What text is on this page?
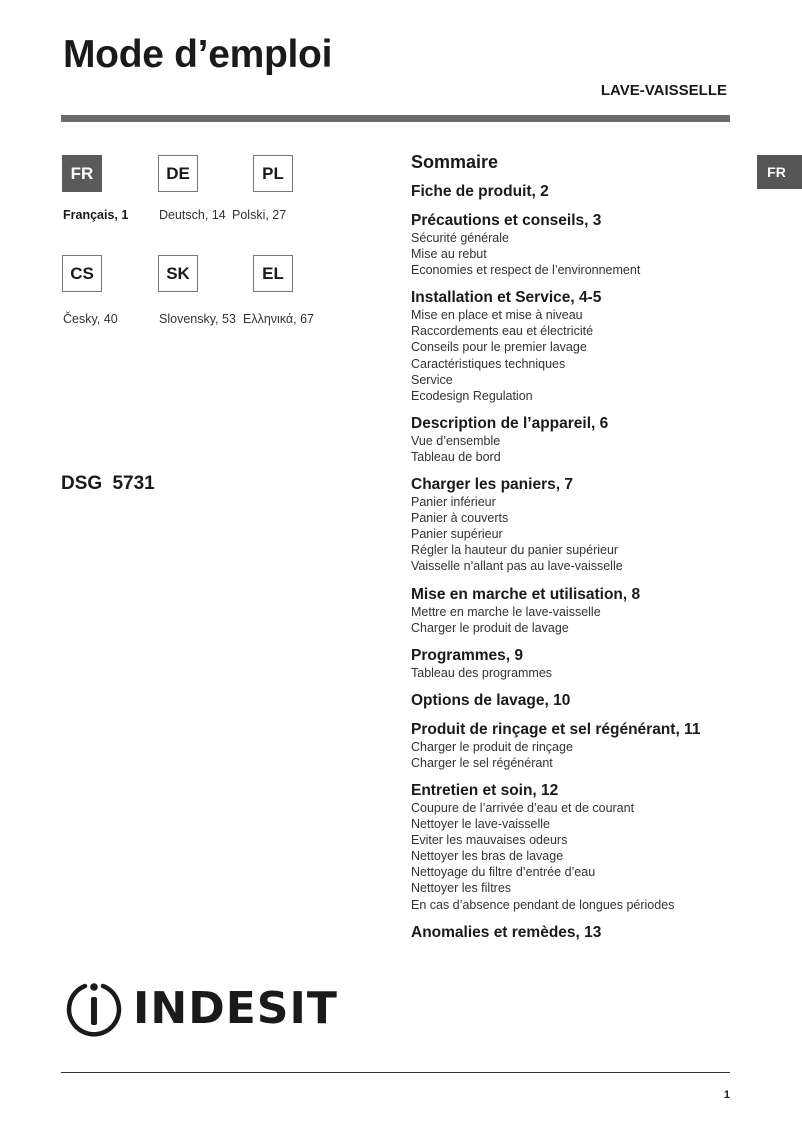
Mode d’emploi
LAVE-VAISSELLE
FR
FR	DE	PL
Français, 1 Deutsch, 14 Polski, 27
CS	SK	EL
Česky, 40	Slovensky, 53 Ελληνικά, 67
DSG 5731
INDESIT
Sommaire
Fiche de produit, 2
Précautions et conseils, 3
Sécurité générale
Mise au rebut
Economies et respect de l’environnement
Installation et Service, 4-5
Mise en place et mise à niveau
Raccordements eau et électricité
Conseils pour le premier lavage
Caractéristiques techniques
Service
Ecodesign Regulation
Description de l’appareil, 6
Vue d’ensemble
Tableau de bord
Charger les paniers, 7
Panier inférieur
Panier à couverts
Panier supérieur
Régler la hauteur du panier supérieur
Vaisselle n’allant pas au lave-vaisselle
Mise en marche et utilisation, 8
Mettre en marche le lave-vaisselle
Charger le produit de lavage
Programmes, 9
Tableau des programmes
Options de lavage, 10
Produit de rinçage et sel régénérant, 11
Charger le produit de rinçage
Charger le sel régénérant
Entretien et soin, 12
Coupure de l’arrivée d’eau et de courant
Nettoyer le lave-vaisselle
Eviter les mauvaises odeurs
Nettoyer les bras de lavage
Nettoyage du filtre d’entrée d’eau
Nettoyer les filtres
En cas d’absence pendant de longues périodes
Anomalies et remèdes, 13
1
